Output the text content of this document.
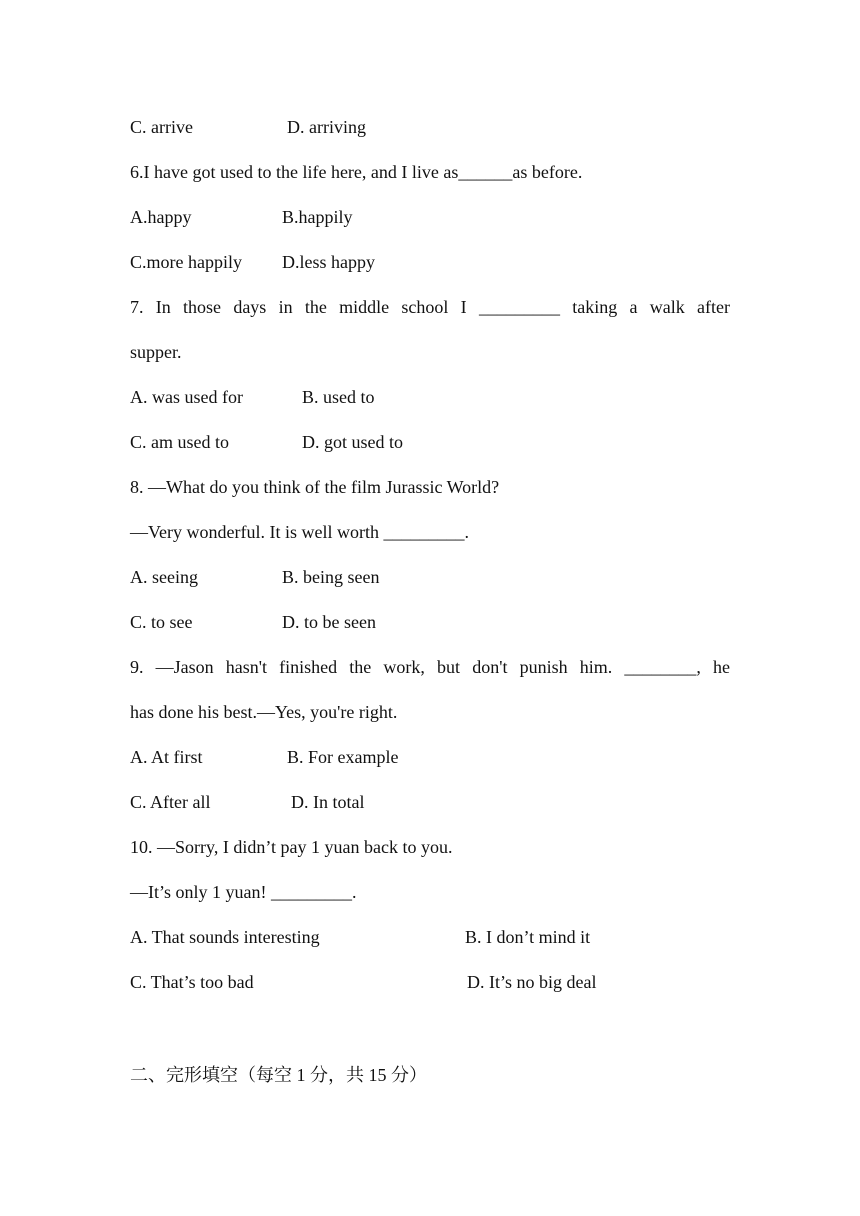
C. arrive	D. arriving
6.I have got used to the life here, and I live as______as before.
A.happy	B.happily
C.more happily D.less happy
7. In those days in the middle school I _________ taking a walk after
supper.
A. was used for	B. used to
C. am used to	D. got used to
8. —What do you think of the film Jurassic World?
—Very wonderful. It is well worth _________.
A. seeing	B. being seen
C. to see	D. to be seen
9. —Jason hasn't finished the work, but don't punish him. ________, he
has done his best.—Yes, you're right.
A. At first	B. For example
C. After all	D. In total
10. —Sorry, I didn’t pay 1 yuan back to you.
—It’s only 1 yuan! _________.
A. That sounds interesting	B. I don’t mind it
C. That’s too bad	D. It’s no big deal
二、完形填空（每空 1 分，共 15 分）
